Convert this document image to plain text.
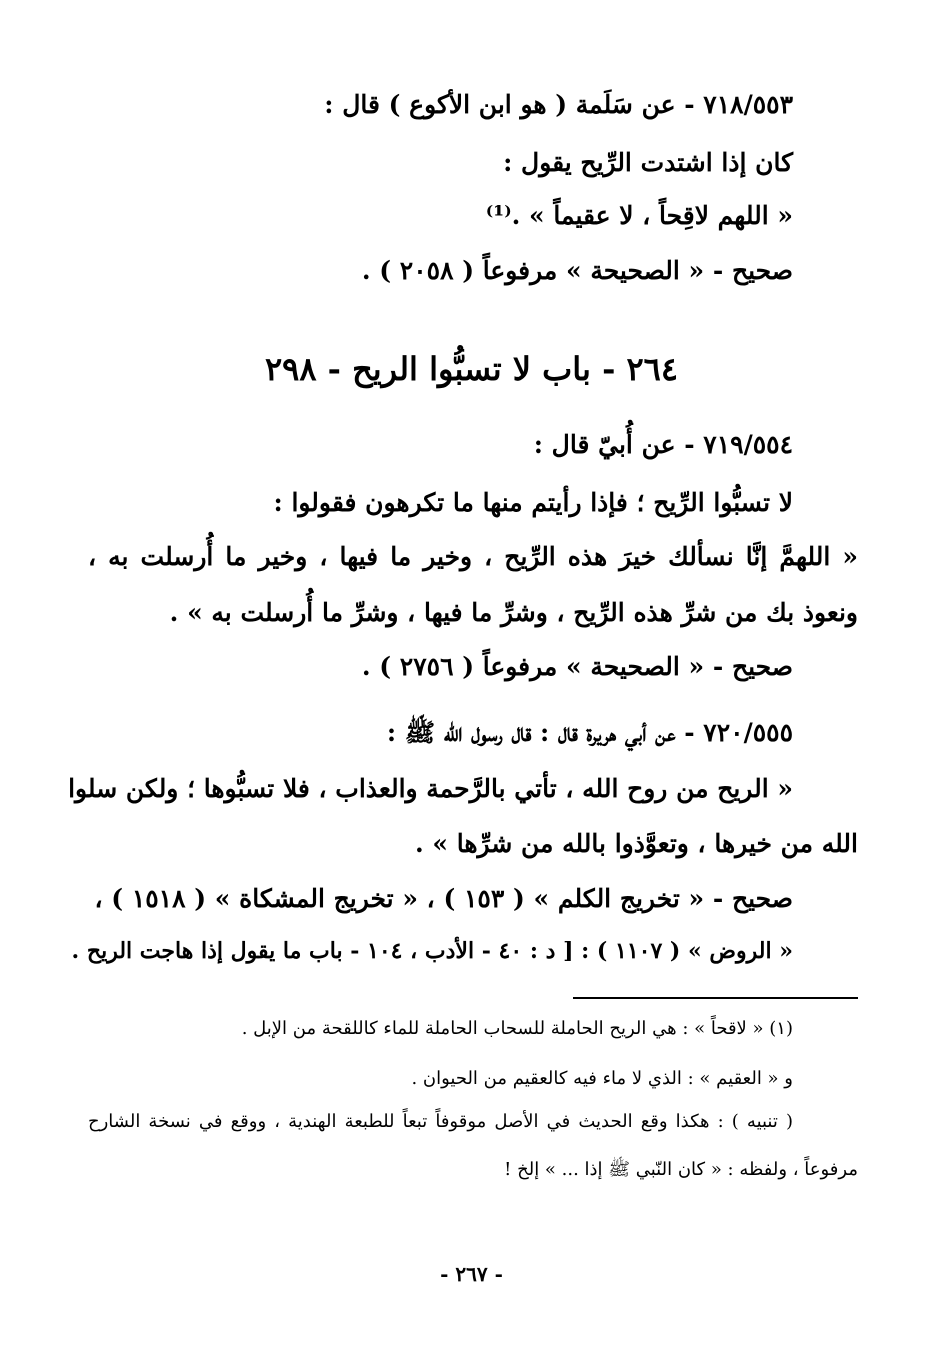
٧١٨/٥٥٣ - عن سَلَمة ( هو ابن الأكوع ) قال :
كان إذا اشتدت الرِّيح يقول :
« اللهم لاقِحاً ، لا عقيماً » .⁽¹⁾
صحيح - « الصحيحة » مرفوعاً ( ٢٠٥٨ ) .
٢٦٤ - باب لا تسبُّوا الريح - ٢٩٨
٧١٩/٥٥٤ - عن أُبيّ قال :
لا تسبُّوا الرِّيح ؛ فإذا رأيتم منها ما تكرهون فقولوا :
« اللهمَّ إنَّا نسألك خيرَ هذه الرِّيح ، وخير ما فيها ، وخير ما أُرسلت به ،
ونعوذ بك من شرِّ هذه الرِّيح ، وشرِّ ما فيها ، وشرِّ ما أُرسلت به » .
صحيح - « الصحيحة » مرفوعاً ( ٢٧٥٦ ) .
٧٢٠/٥٥٥ - عن أبي هريرة قال : قال رسول الله ﷺ :
« الريح من روح الله ، تأتي بالرَّحمة والعذاب ، فلا تسبُّوها ؛ ولكن سلوا
الله من خيرها ، وتعوَّذوا بالله من شرِّها » .
صحيح - « تخريج الكلم » ( ١٥٣ ) ، « تخريج المشكاة » ( ١٥١٨ ) ،
« الروض » ( ١١٠٧ ) : [ د : ٤٠ - الأدب ، ١٠٤ - باب ما يقول إذا هاجت الريح .
(١) « لاقحاً » : هي الريح الحاملة للسحاب الحاملة للماء كاللقحة من الإبل .
و « العقيم » : الذي لا ماء فيه كالعقيم من الحيوان .
( تنبيه ) : هكذا وقع الحديث في الأصل موقوفاً تبعاً للطبعة الهندية ، ووقع في نسخة الشارح
مرفوعاً ، ولفظه : « كان النّبي ﷺ إذا ... » إلخ !
- ٢٦٧ -
